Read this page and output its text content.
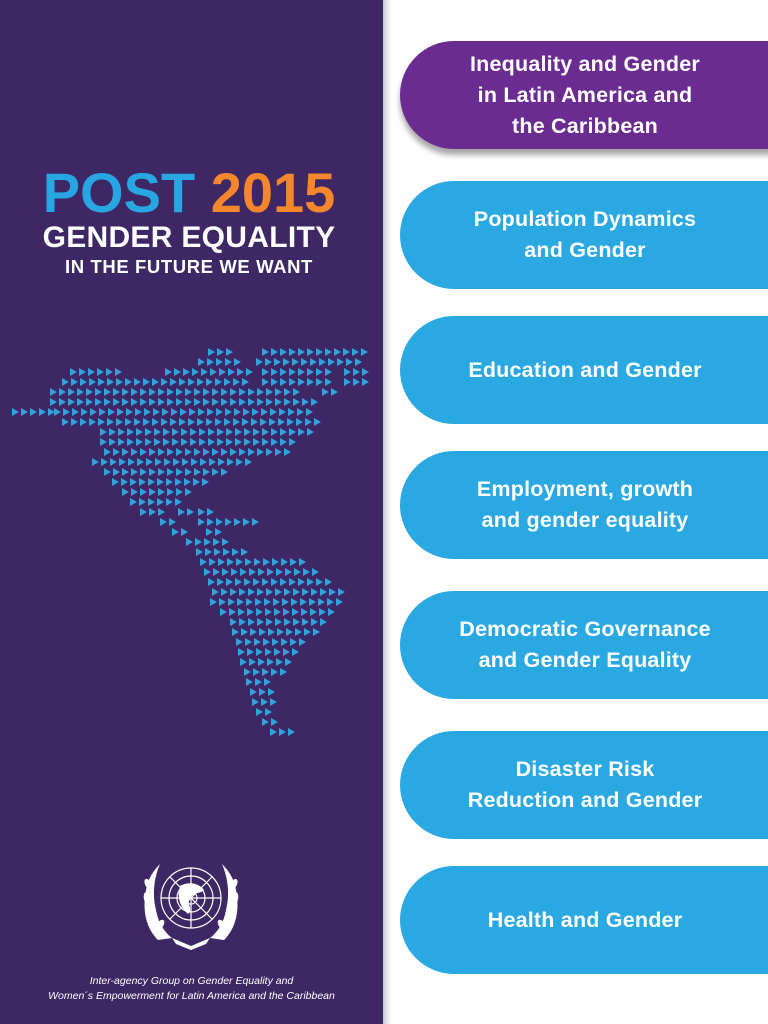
POST 2015
GENDER EQUALITY
IN THE FUTURE WE WANT
Inter-agency Group on Gender Equality and
Women´s Empowerment for Latin America and the Caribbean
Inequality and Gender
in Latin America and
the Caribbean
Population Dynamics
and Gender
Education and Gender
Employment, growth
and gender equality
Democratic Governance
and Gender Equality
Disaster Risk
Reduction and Gender
Health and Gender
